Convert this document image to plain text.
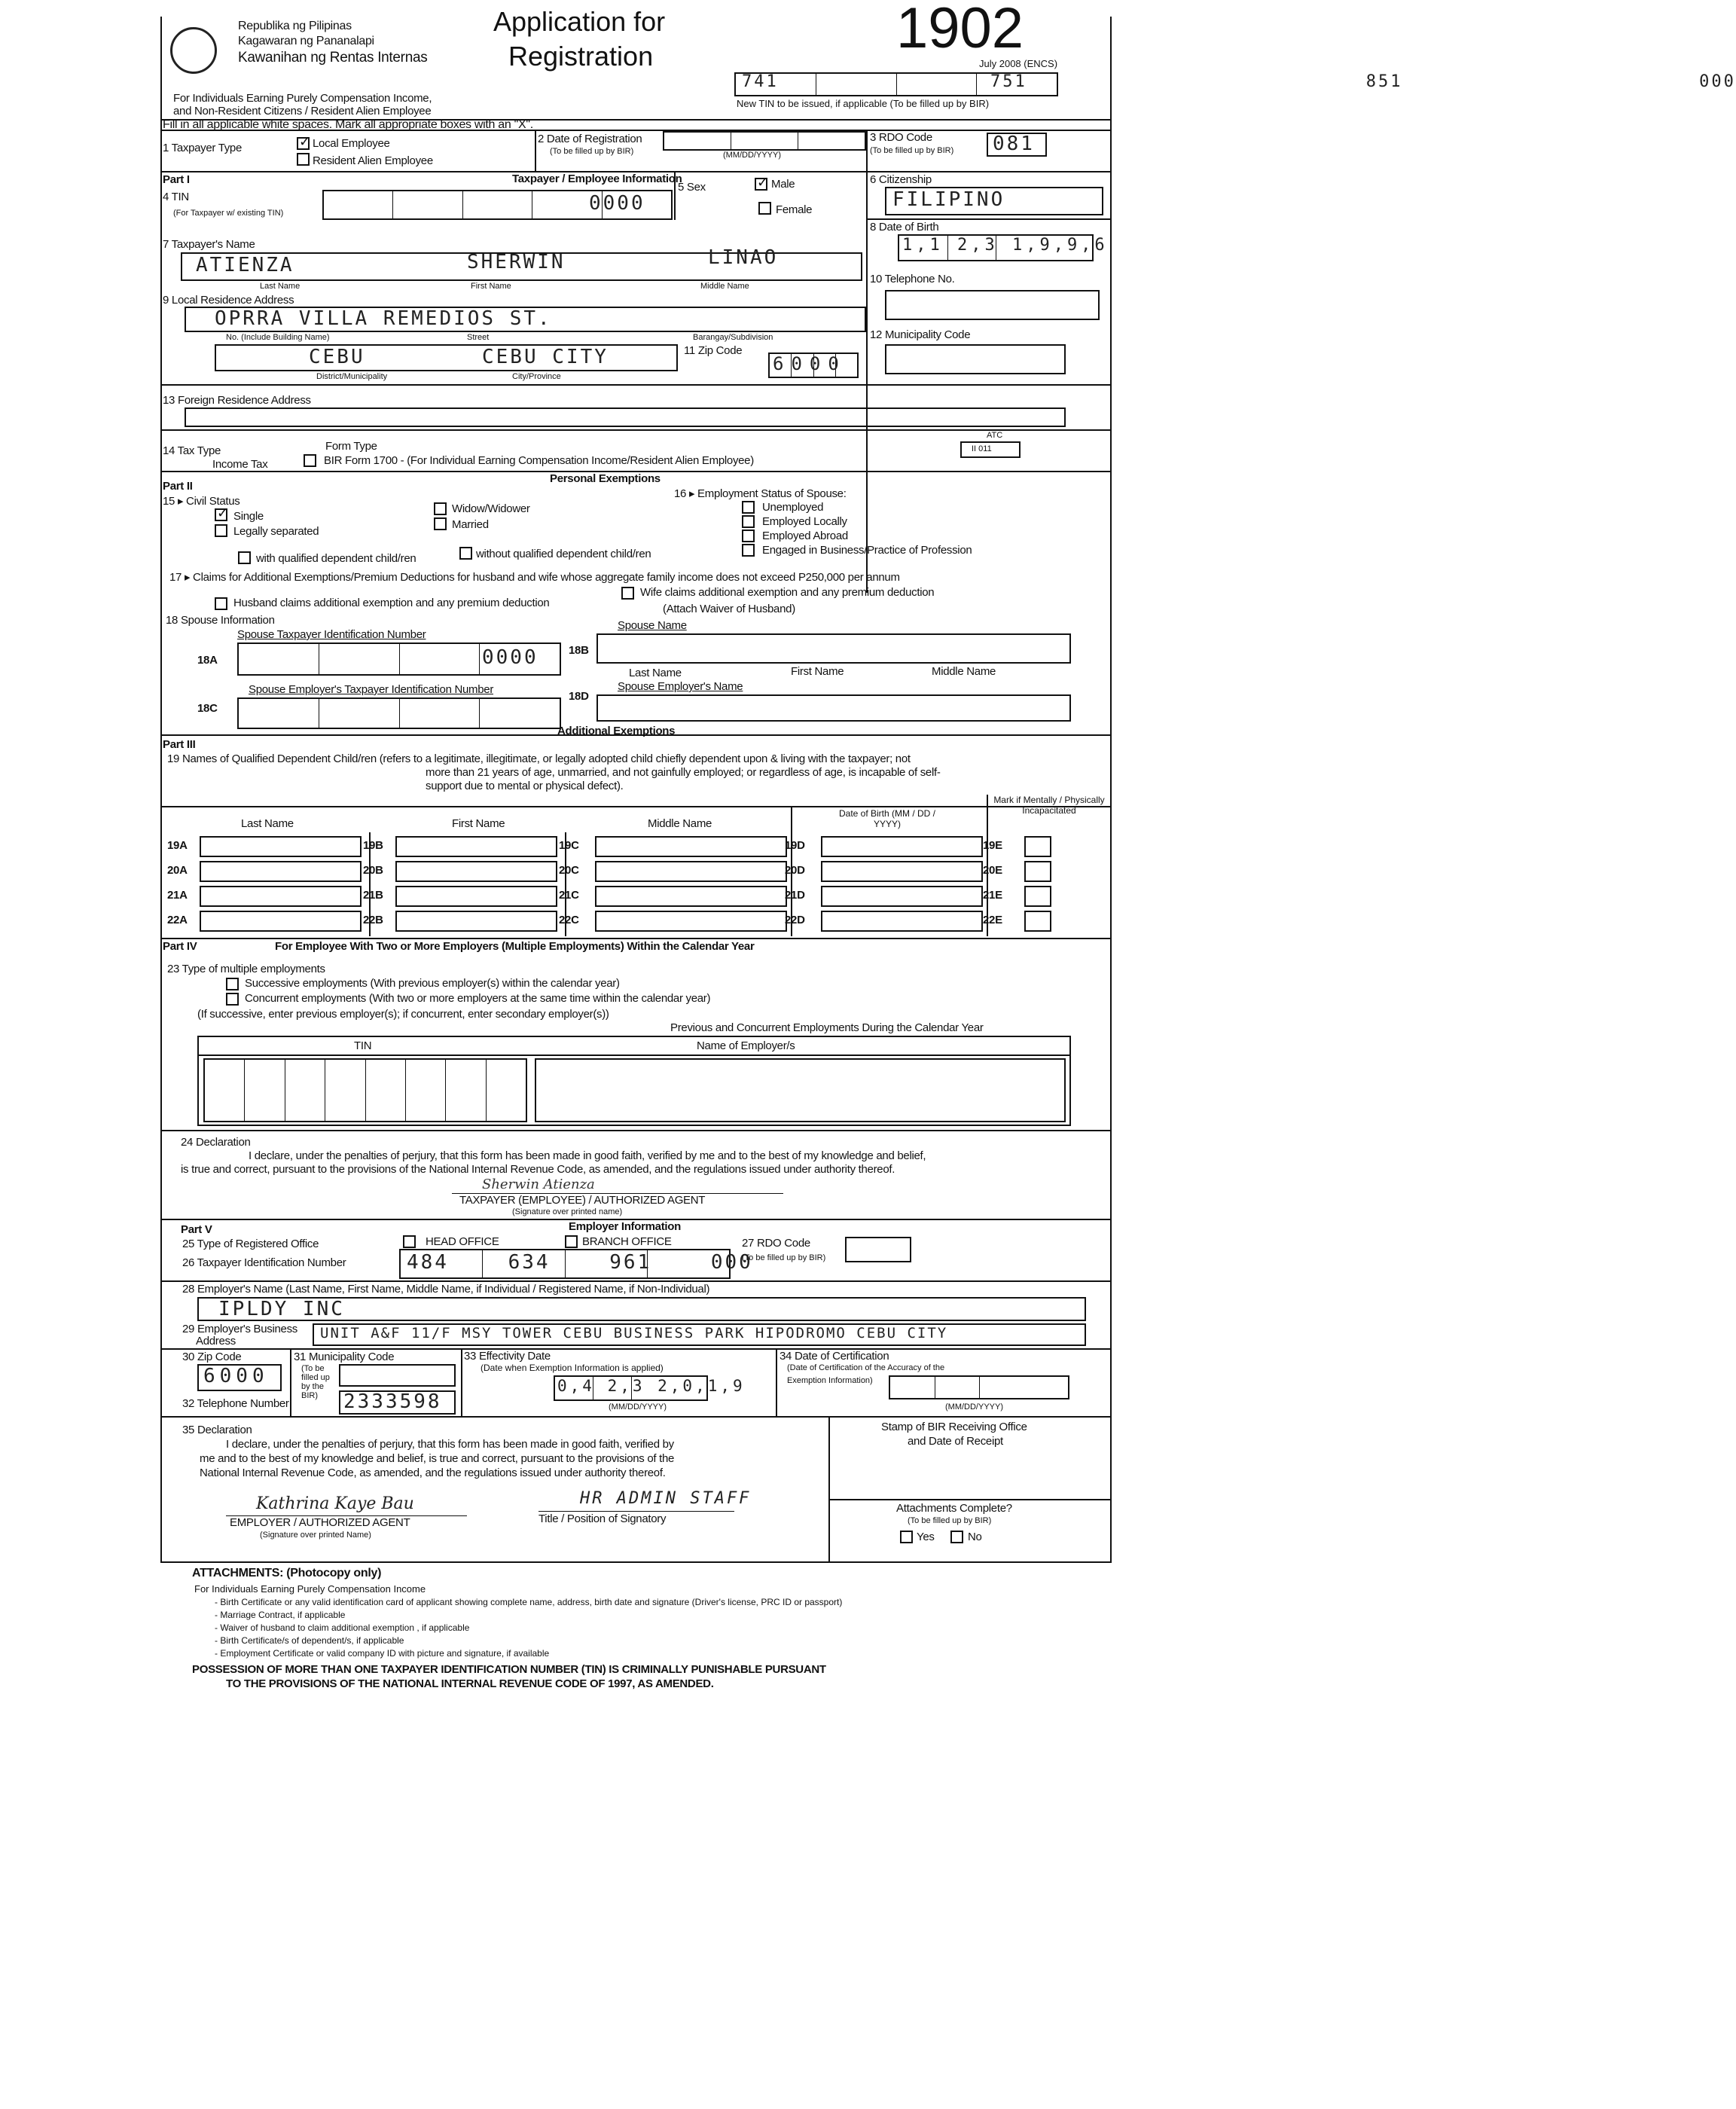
Republika ng Pilipinas
Kagawaran ng Pananalapi
Kawanihan ng Rentas Internas
Application for
Registration	1902
July 2008 (ENCS)
741	751	851	000
New TIN to be issued, if applicable (To be filled up by BIR)
For Individuals Earning Purely Compensation Income,
and Non-Resident Citizens / Resident Alien Employee
Fill in all applicable white spaces. Mark all appropriate boxes with an "X".
1 Taxpayer Type ✓	Local Employee
Resident Alien Employee
2 Date of Registration
(To be filled up by BIR)	(MM/DD/YYYY)
3 RDO Code
(To be filled up by BIR) 081
Part I	Taxpayer / Employee Information
4 TIN
(For Taxpayer w/ existing TIN)	0000
5 Sex ✓	Male
Female
6 Citizenship
FILIPINO
7 Taxpayer's Name
ATIENZA	SHERWIN	LINAO
Last Name	First Name	Middle Name
8 Date of Birth
1,1 2,3 1,9,9,6
10 Telephone No.
9 Local Residence Address
OPRRA VILLA REMEDIOS ST.
No. (Include Building Name)	Street	Barangay/Subdivision
CEBU	CEBU CITY
District/Municipality	City/Province
11 Zip Code
6000
12 Municipality Code
13 Foreign Residence Address
14 Tax Type	Form Type
Income Tax	BIR Form 1700 - (For Individual Earning Compensation Income/Resident Alien Employee)
ATC
II 011
Part II
Personal Exemptions
15 ▸ Civil Status
✓
Single
Legally separated
Widow/Widower
Married
with qualified dependent child/ren	without qualified dependent child/ren
16 ▸ Employment Status of Spouse:
Unemployed
Employed Locally
Employed Abroad
Engaged in Business/Practice of Profession
17 ▸ Claims for Additional Exemptions/Premium Deductions for husband and wife whose aggregate family income does not exceed P250,000 per annum
Husband claims additional exemption and any premium deduction
Wife claims additional exemption and any premium deduction
(Attach Waiver of Husband)
18 Spouse Information
Spouse Taxpayer Identification Number
18A	0000	18B
Spouse Name
Last Name	First Name	Middle Name
18C
Spouse Employer's Taxpayer Identification Number
18D
Spouse Employer's Name
Additional Exemptions
Part III
19 Names of Qualified Dependent Child/ren (refers to a legitimate, illegitimate, or legally adopted child chiefly dependent upon & living with the taxpayer; not
more than 21 years of age, unmarried, and not gainfully employed; or regardless of age, is incapable of self-
support due to mental or physical defect).
Last Name	First Name	Middle Name
Date of Birth (MM / DD / YYYY)
Mark if Mentally / Physically Incapacitated
Part IV	For Employee With Two or More Employers (Multiple Employments) Within the Calendar Year
23 Type of multiple employments
Successive employments (With previous employer(s) within the calendar year)
Concurrent employments (With two or more employers at the same time within the calendar year)
(If successive, enter previous employer(s); if concurrent, enter secondary employer(s))
Previous and Concurrent Employments During the Calendar Year
TIN	Name of Employer/s
24 Declaration
I declare, under the penalties of perjury, that this form has been made in good faith, verified by me and to the best of my knowledge and belief,
is true and correct, pursuant to the provisions of the National Internal Revenue Code, as amended, and the regulations issued under authority thereof.
Sherwin Atienza
TAXPAYER (EMPLOYEE) / AUTHORIZED AGENT
(Signature over printed name)
Employer Information
Part V
25 Type of Registered Office	HEAD OFFICE	BRANCH OFFICE
26 Taxpayer Identification Number	484	634	961	000
27 RDO Code
(To be filled up by BIR)
28 Employer's Name (Last Name, First Name, Middle Name, if Individual / Registered Name, if Non-Individual)
IPLDY INC
29 Employer's Business
Address	UNIT A&F 11/F MSY TOWER CEBU BUSINESS PARK HIPODROMO CEBU CITY
30 Zip Code
6000
31 Municipality Code
(To be filled up by the BIR)
32 Telephone Number	2333598
33 Effectivity Date
(Date when Exemption Information is applied)
0,4 2,3 2,0,1,9
(MM/DD/YYYY)
34 Date of Certification
(Date of Certification of the Accuracy of the
Exemption Information)
(MM/DD/YYYY)
35 Declaration
I declare, under the penalties of perjury, that this form has been made in good faith, verified by
me and to the best of my knowledge and belief, is true and correct, pursuant to the provisions of the
National Internal Revenue Code, as amended, and the regulations issued under authority thereof.
Kathrina Kaye Bau
EMPLOYER / AUTHORIZED AGENT
(Signature over printed Name)
HR ADMIN STAFF
Title / Position of Signatory
Stamp of BIR Receiving Office
and Date of Receipt
Attachments Complete?
(To be filled up by BIR)
Yes	No
ATTACHMENTS: (Photocopy only)
For Individuals Earning Purely Compensation Income
- Birth Certificate or any valid identification card of applicant showing complete name, address, birth date and signature (Driver's license, PRC ID or passport)
- Marriage Contract, if applicable
- Waiver of husband to claim additional exemption , if applicable
- Birth Certificate/s of dependent/s, if applicable
- Employment Certificate or valid company ID with picture and signature, if available
POSSESSION OF MORE THAN ONE TAXPAYER IDENTIFICATION NUMBER (TIN) IS CRIMINALLY PUNISHABLE PURSUANT
TO THE PROVISIONS OF THE NATIONAL INTERNAL REVENUE CODE OF 1997, AS AMENDED.
19A	19B	19C	19D	19E
20A	20B	20C	20D	20E
21A	21B	21C	21D	21E
22A	22B	22C	22D	22E
